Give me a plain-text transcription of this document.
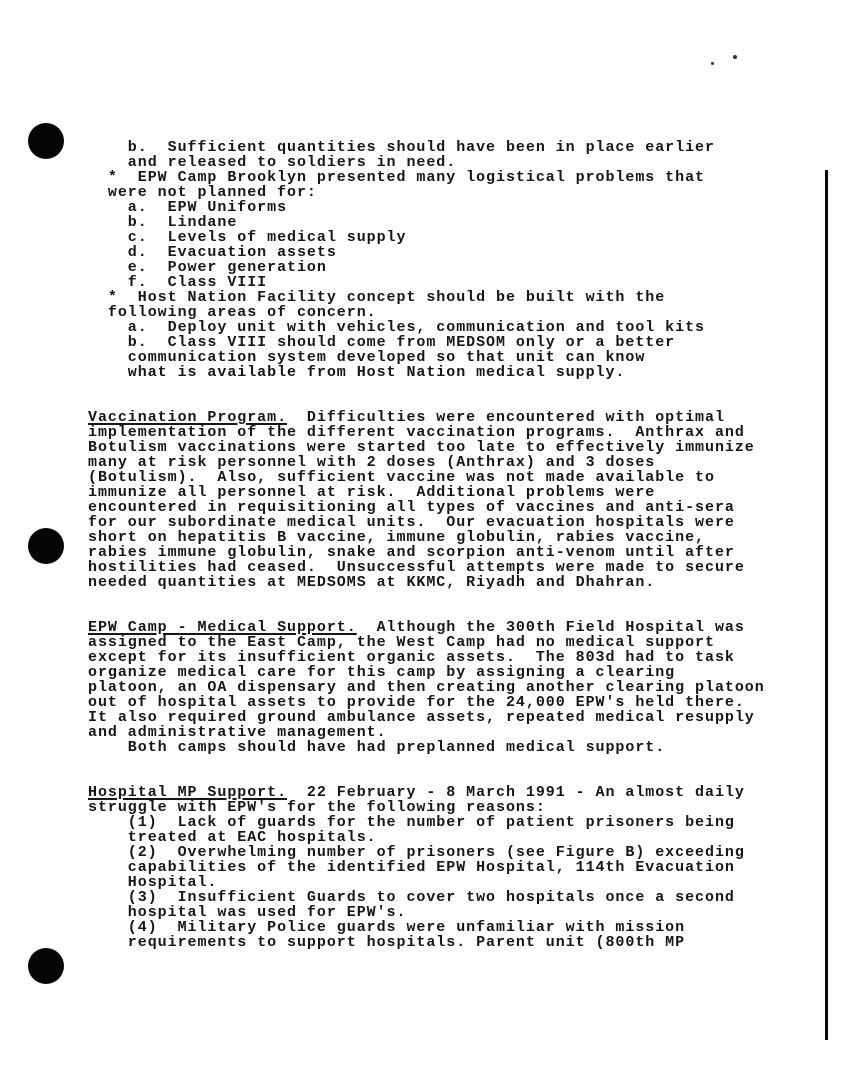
b.  Sufficient quantities should have been in place earlier
and released to soldiers in need.
*  EPW Camp Brooklyn presented many logistical problems that
were not planned for:
a.  EPW Uniforms
b.  Lindane
c.  Levels of medical supply
d.  Evacuation assets
e.  Power generation
f.  Class VIII
*  Host Nation Facility concept should be built with the
following areas of concern.
a.  Deploy unit with vehicles, communication and tool kits
b.  Class VIII should come from MEDSOM only or a better
communication system developed so that unit can know
what is available from Host Nation medical supply.
Vaccination Program.  Difficulties were encountered with optimal
implementation of the different vaccination programs.  Anthrax and
Botulism vaccinations were started too late to effectively immunize
many at risk personnel with 2 doses (Anthrax) and 3 doses
(Botulism).  Also, sufficient vaccine was not made available to
immunize all personnel at risk.  Additional problems were
encountered in requisitioning all types of vaccines and anti-sera
for our subordinate medical units.  Our evacuation hospitals were
short on hepatitis B vaccine, immune globulin, rabies vaccine,
rabies immune globulin, snake and scorpion anti-venom until after
hostilities had ceased.  Unsuccessful attempts were made to secure
needed quantities at MEDSOMS at KKMC, Riyadh and Dhahran.
EPW Camp - Medical Support.  Although the 300th Field Hospital was
assigned to the East Camp, the West Camp had no medical support
except for its insufficient organic assets.  The 803d had to task
organize medical care for this camp by assigning a clearing
platoon, an OA dispensary and then creating another clearing platoon
out of hospital assets to provide for the 24,000 EPW's held there.
It also required ground ambulance assets, repeated medical resupply
and administrative management.
Both camps should have had preplanned medical support.
Hospital MP Support.  22 February - 8 March 1991 - An almost daily
struggle with EPW's for the following reasons:
(1)  Lack of guards for the number of patient prisoners being
treated at EAC hospitals.
(2)  Overwhelming number of prisoners (see Figure B) exceeding
capabilities of the identified EPW Hospital, 114th Evacuation
Hospital.
(3)  Insufficient Guards to cover two hospitals once a second
hospital was used for EPW's.
(4)  Military Police guards were unfamiliar with mission
requirements to support hospitals. Parent unit (800th MP
